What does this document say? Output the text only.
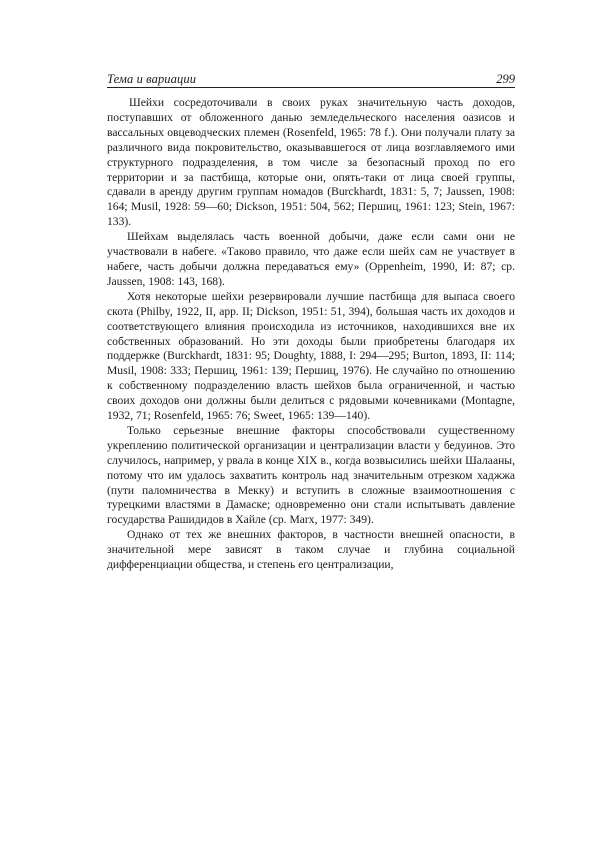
Тема и вариации	299

Шейхи сосредоточивали в своих руках значительную часть доходов, поступавших от обложенного данью земледельческого населения оазисов и вассальных овцеводческих племен (Rosenfeld, 1965: 78 f.). Они получали плату за различного вида покровительство, оказывавшегося от лица возглавляемого ими структурного подразделения, в том числе за безопасный проход по его территории и за пастбища, которые они, опять-таки от лица своей группы, сдавали в аренду другим группам номадов (Burckhardt, 1831: 5, 7; Jaussen, 1908: 164; Musil, 1928: 59—60; Dickson, 1951: 504, 562; Першиц, 1961: 123; Stein, 1967: 133).

Шейхам выделялась часть военной добычи, даже если сами они не участвовали в набеге. «Таково правило, что даже если шейх сам не участвует в набеге, часть добычи должна передаваться ему» (Oppenheim, 1990, И: 87; ср. Jaussen, 1908: 143, 168).

Хотя некоторые шейхи резервировали лучшие пастбища для выпаса своего скота (Philby, 1922, II, app. II; Dickson, 1951: 51, 394), большая часть их доходов и соответствующего влияния происходила из источников, находившихся вне их собственных образований. Но эти доходы были приобретены благодаря их поддержке (Burckhardt, 1831: 95; Doughty, 1888, I: 294—295; Burton, 1893, II: 114; Musil, 1908: 333; Першиц, 1961: 139; Першиц, 1976). Не случайно по отношению к собственному подразделению власть шейхов была ограниченной, и частью своих доходов они должны были делиться с рядовыми кочевниками (Montagne, 1932, 71; Rosenfeld, 1965: 76; Sweet, 1965: 139—140).

Только серьезные внешние факторы способствовали существенному укреплению политической организации и централизации власти у бедуинов. Это случилось, например, у рвала в конце XIX в., когда возвысились шейхи Шалааны, потому что им удалось захватить контроль над значительным отрезком хаджжа (пути паломничества в Мекку) и вступить в сложные взаимоотношения с турецкими властями в Дамаске; одновременно они стали испытывать давление государства Рашидидов в Хайле (ср. Marx, 1977: 349).

Однако от тех же внешних факторов, в частности внешней опасности, в значительной мере зависят в таком случае и глубина социальной дифференциации общества, и степень его централизации,
